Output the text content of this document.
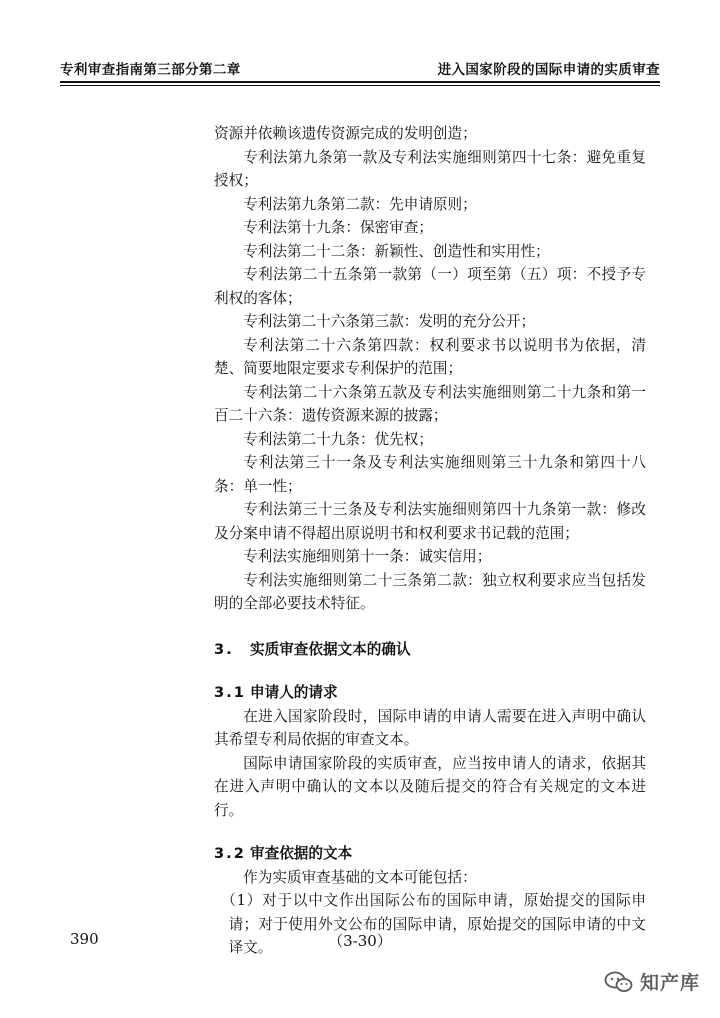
专利审查指南第三部分第二章	进入国家阶段的国际申请的实质审查

资源并依赖该遗传资源完成的发明创造；

专利法第九条第一款及专利法实施细则第四十七条：避免重复授权；

专利法第九条第二款：先申请原则；

专利法第十九条：保密审查；

专利法第二十二条：新颖性、创造性和实用性；

专利法第二十五条第一款第（一）项至第（五）项：不授予专利权的客体；

专利法第二十六条第三款：发明的充分公开；

专利法第二十六条第四款：权利要求书以说明书为依据，清楚、简要地限定要求专利保护的范围；

专利法第二十六条第五款及专利法实施细则第二十九条和第一百二十六条：遗传资源来源的披露；

专利法第二十九条：优先权；

专利法第三十一条及专利法实施细则第三十九条和第四十八条：单一性；

专利法第三十三条及专利法实施细则第四十九条第一款：修改及分案申请不得超出原说明书和权利要求书记载的范围；

专利法实施细则第十一条：诚实信用；

专利法实施细则第二十三条第二款：独立权利要求应当包括发明的全部必要技术特征。

3. 实质审查依据文本的确认
3.1 申请人的请求

在进入国家阶段时，国际申请的申请人需要在进入声明中确认其希望专利局依据的审查文本。

国际申请国家阶段的实质审查，应当按申请人的请求，依据其在进入声明中确认的文本以及随后提交的符合有关规定的文本进行。

3.2 审查依据的文本

作为实质审查基础的文本可能包括：

（1）对于以中文作出国际公布的国际申请，原始提交的国际申请；对于使用外文公布的国际申请，原始提交的国际申请的中文译文。

390	（3-30）
知产库
